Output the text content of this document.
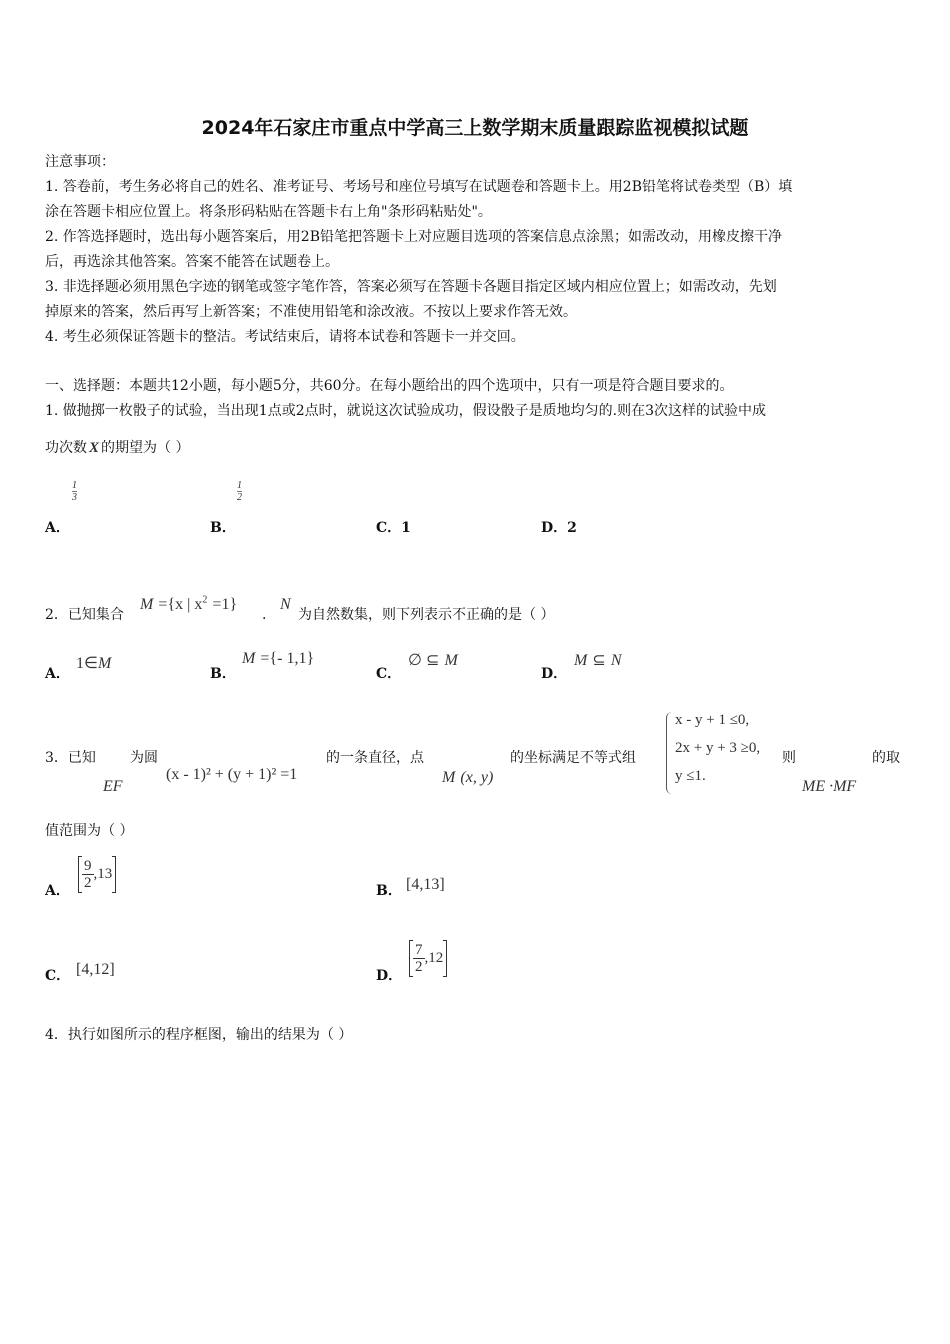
2024年石家庄市重点中学高三上数学期末质量跟踪监视模拟试题
注意事项：
1. 答卷前，考生务必将自己的姓名、准考证号、考场号和座位号填写在试题卷和答题卡上。用2B铅笔将试卷类型（B）填
涂在答题卡相应位置上。将条形码粘贴在答题卡右上角"条形码粘贴处"。
2. 作答选择题时，选出每小题答案后，用2B铅笔把答题卡上对应题目选项的答案信息点涂黑；如需改动，用橡皮擦干净
后，再选涂其他答案。答案不能答在试题卷上。
3. 非选择题必须用黑色字迹的钢笔或签字笔作答，答案必须写在答题卡各题目指定区域内相应位置上；如需改动，先划
掉原来的答案，然后再写上新答案；不准使用铅笔和涂改液。不按以上要求作答无效。
4. 考生必须保证答题卡的整洁。考试结束后，请将本试卷和答题卡一并交回。
一、选择题：本题共12小题，每小题5分，共60分。在每小题给出的四个选项中，只有一项是符合题目要求的。
1. 做抛掷一枚骰子的试验，当出现1点或2点时，就说这次试验成功，假设骰子是质地均匀的.则在3次这样的试验中成
功次数 X 的期望为（ ）
$\frac{1}{3}$	$\frac{1}{2}$
A．	B．	C．1	D．2
2．已知集合
M ={x | $x^2 =1$}
.
N
为自然数集，则下列表示不正确的是（ ）
A．
1∈M
B．
M ={- 1,1}
C．
∅ ⊆ M
D．
M ⊆ N
3．已知 为圆	的一条直径，点	的坐标满足不等式组	则	的取
EF
(x - 1)² + (y + 1)² =1	M (x, y)
x - y + 1 ≤0,
2x + y + 3 ≥0,
y ≤1.
ME ·MF
值范围为（ ）
A． $\frac{9}{2} ,13$
B． [4,13]
C． [4,12]	D．
$\frac{7}{2} ,12$
4．执行如图所示的程序框图，输出的结果为（ ）
